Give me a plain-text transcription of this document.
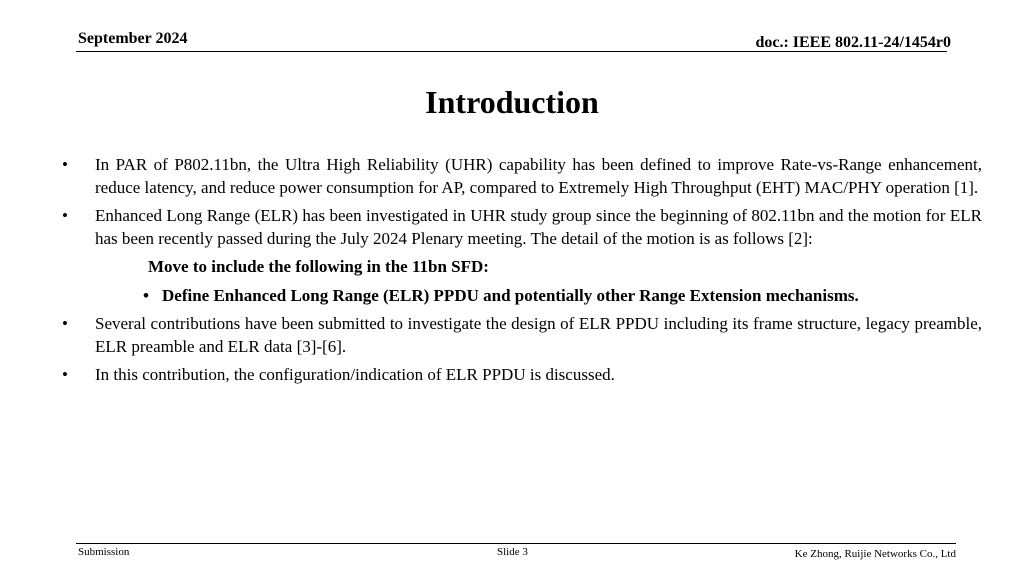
September 2024	doc.: IEEE 802.11-24/1454r0
Introduction
• In PAR of P802.11bn, the Ultra High Reliability (UHR) capability has been defined to improve Rate-vs-Range enhancement, reduce latency, and reduce power consumption for AP, compared to Extremely High Throughput (EHT) MAC/PHY operation [1].
• Enhanced Long Range (ELR) has been investigated in UHR study group since the beginning of 802.11bn and the motion for ELR has been recently passed during the July 2024 Plenary meeting. The detail of the motion is as follows [2]:
Move to include the following in the 11bn SFD:
• Define Enhanced Long Range (ELR) PPDU and potentially other Range Extension mechanisms.
• Several contributions have been submitted to investigate the design of ELR PPDU including its frame structure, legacy preamble, ELR preamble and ELR data [3]-[6].
• In this contribution, the configuration/indication of ELR PPDU is discussed.
Submission	Slide 3	Ke Zhong, Ruijie Networks Co., Ltd
